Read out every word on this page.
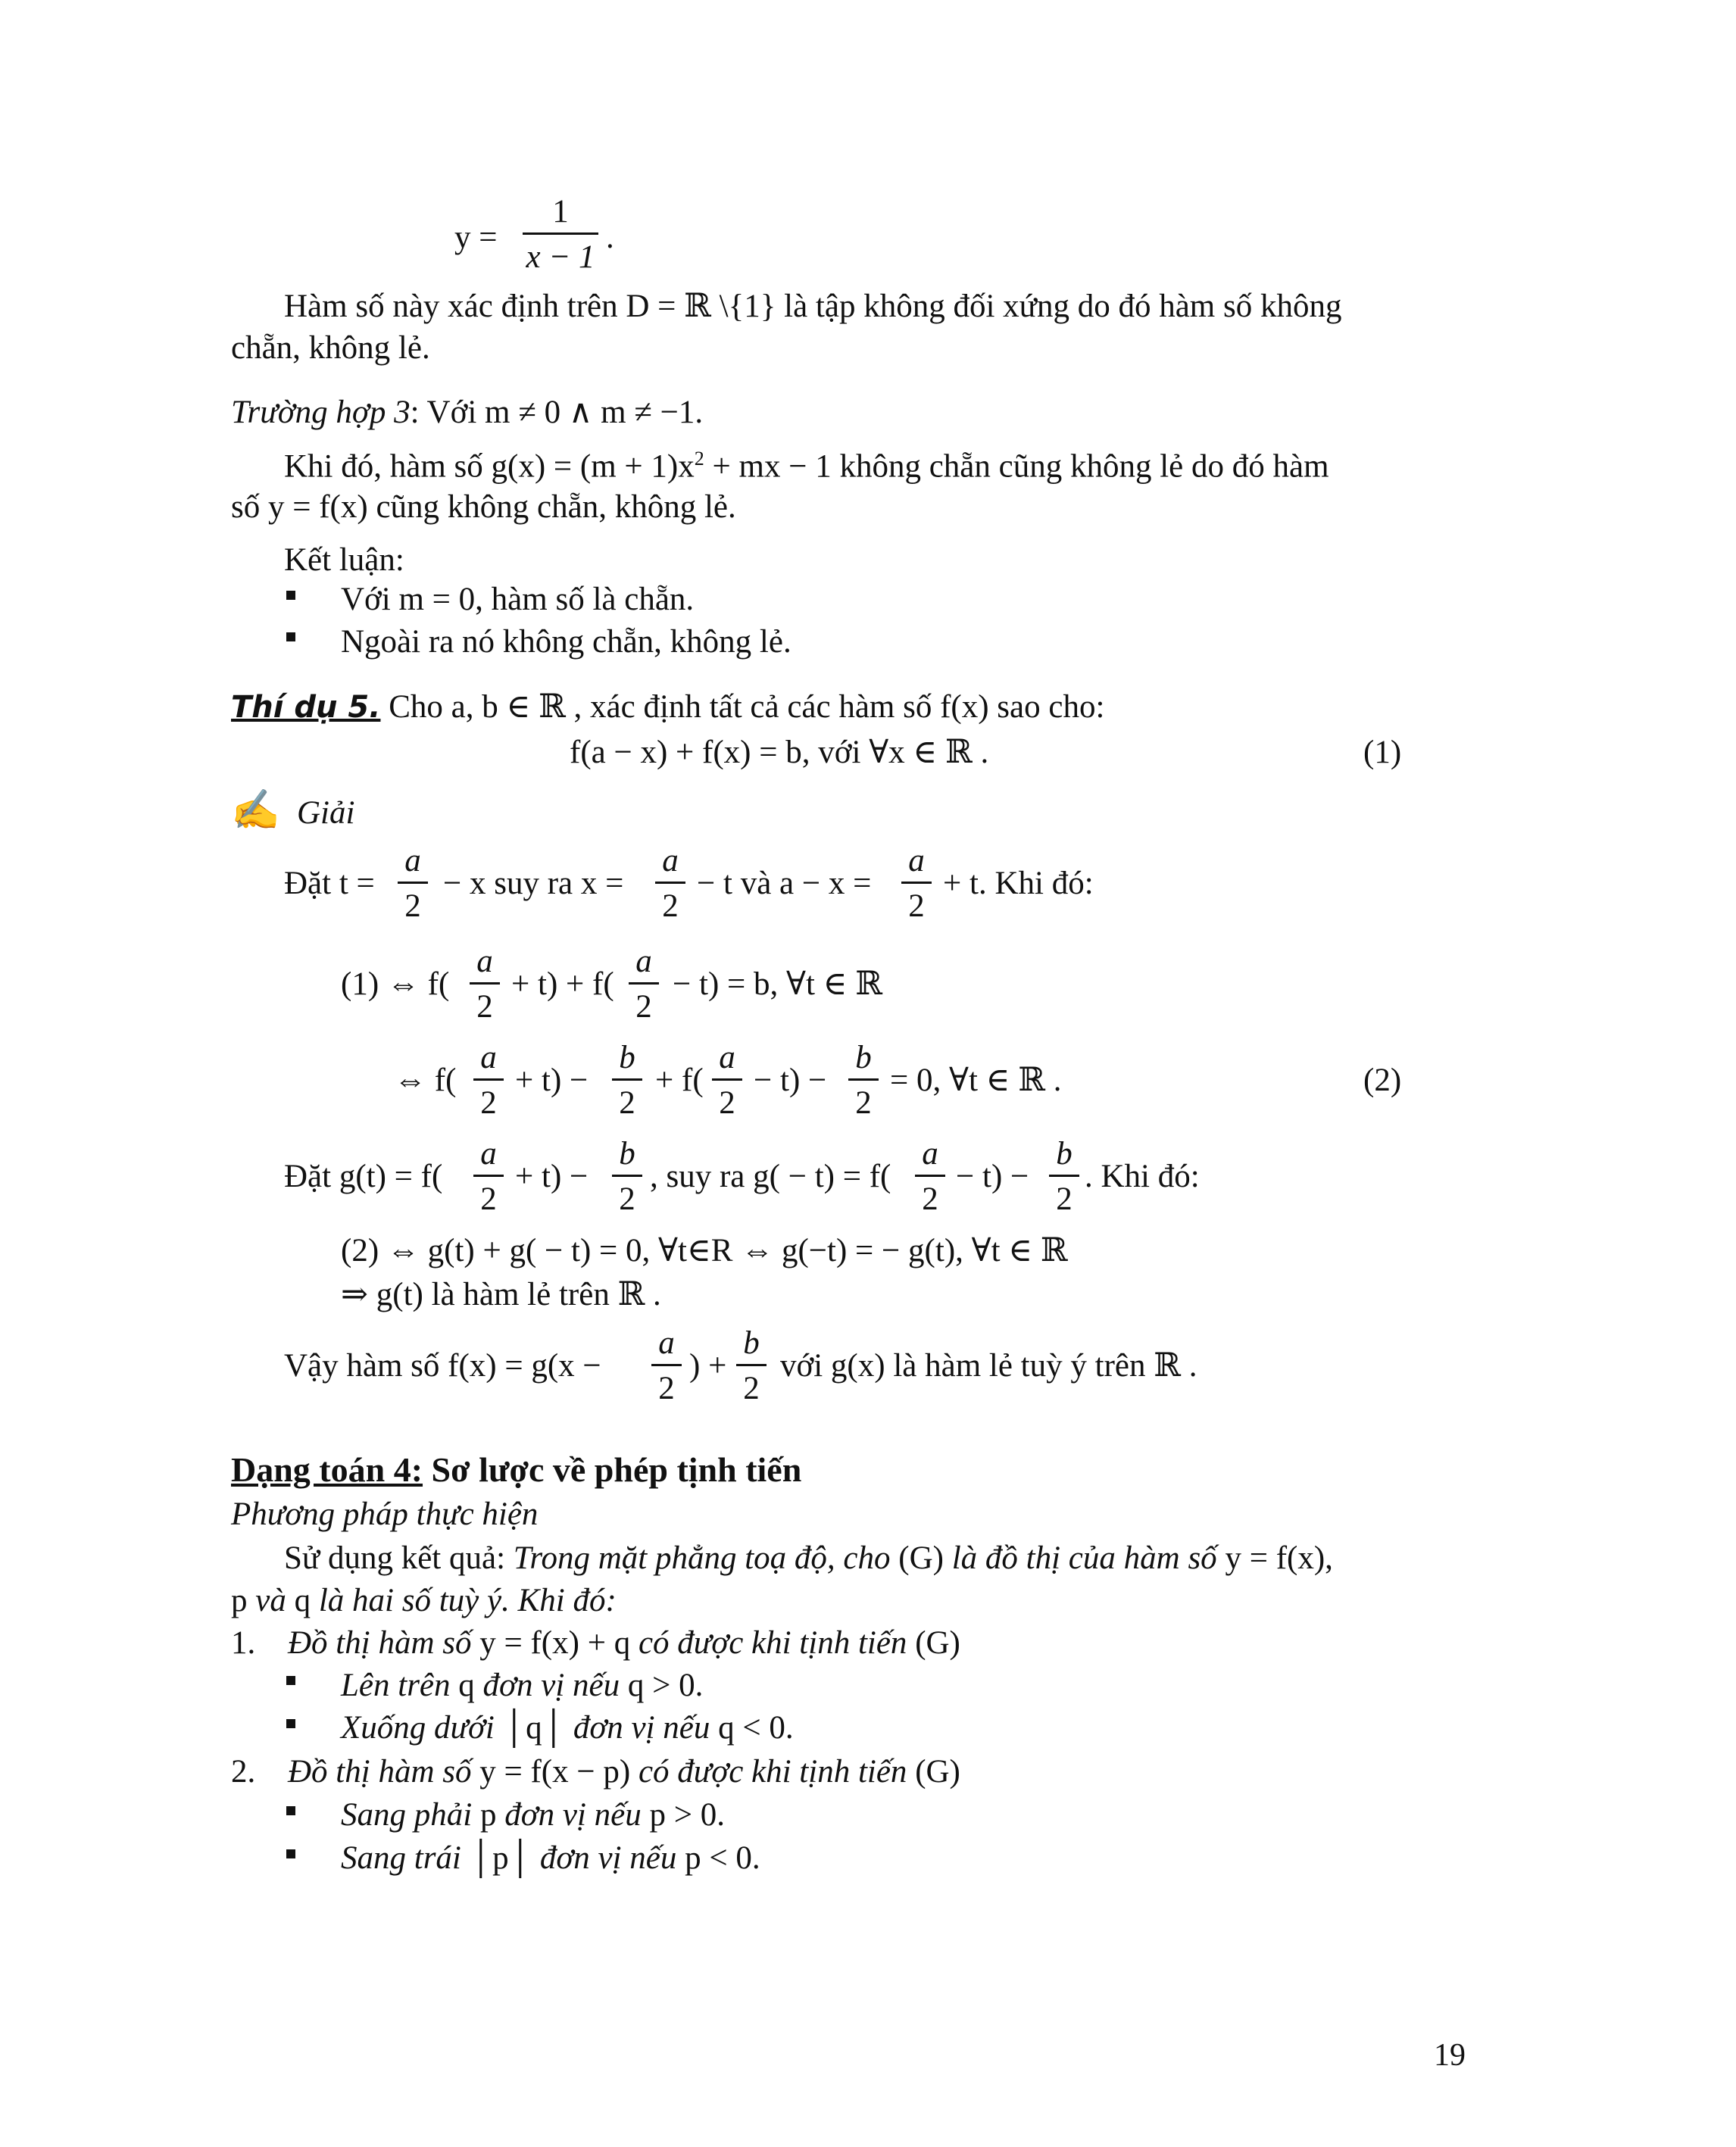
y =
1
x − 1
.
Hàm số này xác định trên D = ℝ \{1} là tập không đối xứng do đó hàm số không
chẵn, không lẻ.
Trường hợp 3: Với m ≠ 0 ∧ m ≠ −1.
Khi đó, hàm số $g(x) = (m + 1)x^2$ + mx − 1 không chẵn cũng không lẻ do đó hàm
số y = f(x) cũng không chẵn, không lẻ.
Kết luận:
Với m = 0, hàm số là chẵn.
Ngoài ra nó không chẵn, không lẻ.
Thí dụ 5. Cho a, b ∈ ℝ , xác định tất cả các hàm số f(x) sao cho:
f(a − x) + f(x) = b, với ∀x ∈ ℝ .	(1)
✍ Giải
Đặt t =
a
2
− x suy ra x =
a
2
− t và a − x =
a
2
+ t. Khi đó:
(1) ⇔ f(
a
2
+ t) + f(
a
2
− t) = b, ∀t ∈ ℝ
⇔ f(
a
2
+ t) −
b
2
+ f(
a
2
− t) −
b
2
= 0, ∀t ∈ ℝ .	(2)
Đặt g(t) = f(
a
2
+ t) −
b
2
, suy ra g( − t) = f(
a
2
− t) −
b
2
. Khi đó:
(2) ⇔ g(t) + g( − t) = 0, ∀t∈R ⇔ g(−t) = − g(t), ∀t ∈ ℝ
⇒ g(t) là hàm lẻ trên ℝ .
Vậy hàm số f(x) = g(x −
a
2
) +
b
2
với g(x) là hàm lẻ tuỳ ý trên ℝ .
Dạng toán 4: Sơ lược về phép tịnh tiến
Phương pháp thực hiện
Sử dụng kết quả: Trong mặt phẳng toạ độ, cho (G) là đồ thị của hàm số y = f(x),
p và q là hai số tuỳ ý. Khi đó:
1. Đồ thị hàm số y = f(x) + q có được khi tịnh tiến (G)
Lên trên q đơn vị nếu q > 0.
Xuống dưới │q│ đơn vị nếu q < 0.
2. Đồ thị hàm số y = f(x − p) có được khi tịnh tiến (G)
Sang phải p đơn vị nếu p > 0.
Sang trái │p│ đơn vị nếu p < 0.
19
